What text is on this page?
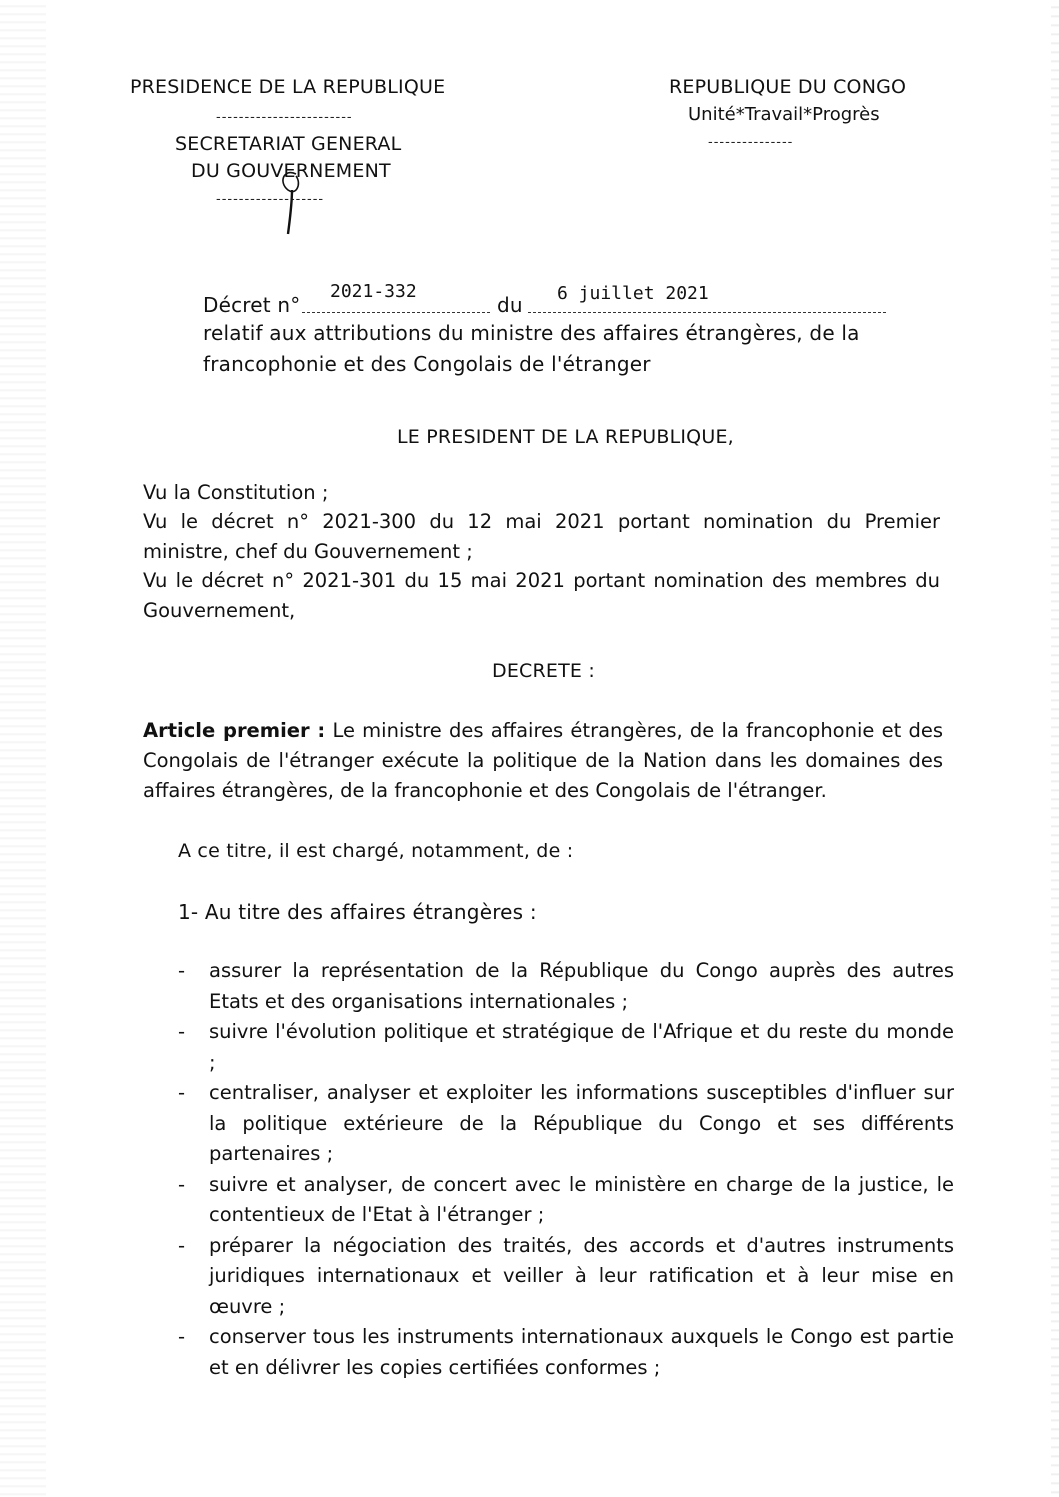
PRESIDENCE DE LA REPUBLIQUE
------------------------
SECRETARIAT GENERAL
DU GOUVERNEMENT
-------------------
REPUBLIQUE DU CONGO
Unité*Travail*Progrès
---------------
Décret n°
2021-332
du 6 juillet 2021
relatif aux attributions du ministre des affaires étrangères, de la
francophonie et des Congolais de l'étranger
LE PRESIDENT DE LA REPUBLIQUE,
Vu la Constitution ;
Vu le décret n° 2021-300 du 12 mai 2021 portant nomination du Premier ministre, chef du Gouvernement ;
Vu le décret n° 2021-301 du 15 mai 2021 portant nomination des membres du Gouvernement,
DECRETE :
Article premier : Le ministre des affaires étrangères, de la francophonie et des Congolais de l'étranger exécute la politique de la Nation dans les domaines des affaires étrangères, de la francophonie et des Congolais de l'étranger.
A ce titre, il est chargé, notamment, de :
1- Au titre des affaires étrangères :
- assurer la représentation de la République du Congo auprès des autres Etats et des organisations internationales ;
- suivre l'évolution politique et stratégique de l'Afrique et du reste du monde ;
- centraliser, analyser et exploiter les informations susceptibles d'influer sur la politique extérieure de la République du Congo et ses différents partenaires ;
- suivre et analyser, de concert avec le ministère en charge de la justice, le contentieux de l'Etat à l'étranger ;
- préparer la négociation des traités, des accords et d'autres instruments juridiques internationaux et veiller à leur ratification et à leur mise en œuvre ;
- conserver tous les instruments internationaux auxquels le Congo est partie et en délivrer les copies certifiées conformes ;
